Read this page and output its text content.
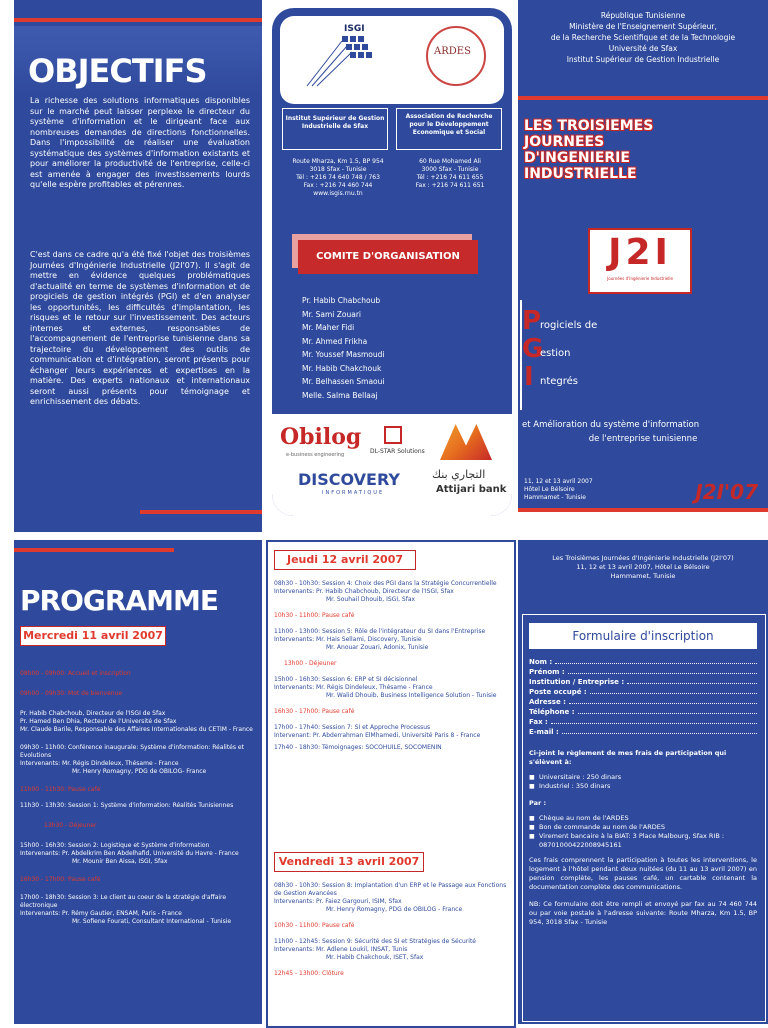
OBJECTIFS
La richesse des solutions informatiques disponibles sur le marché peut laisser perplexe le directeur du système d'information et le dirigeant face aux nombreuses demandes de directions fonctionnelles. Dans l'impossibilité de réaliser une évaluation systématique des systèmes d'information existants et pour améliorer la productivité de l'entreprise, celle-ci est amenée à engager des investissements lourds qu'elle espère profitables et pérennes.
C'est dans ce cadre qu'a été fixé l'objet des troisièmes Journées d'Ingénierie Industrielle (J2I'07). Il s'agit de mettre en évidence quelques problématiques d'actualité en terme de systèmes d'information et de progiciels de gestion intégrés (PGI) et d'en analyser les opportunités, les difficultés d'implantation, les risques et le retour sur l'investissement. Des acteurs internes et externes, responsables de l'accompagnement de l'entreprise tunisienne dans sa trajectoire du développement des outils de communication et d'intégration, seront présents pour échanger leurs expériences et expertises en la matière. Des experts nationaux et internationaux seront aussi présents pour témoignage et enrichissement des débats.
ISGI
ARDES
Institut Supérieur de Gestion Industrielle de Sfax
Association de Recherche pour le Développement Economique et Social
Route Mharza, Km 1.5, BP 954
3018 Sfax - Tunisie
Tél : +216 74 640 748 / 763
Fax : +216 74 460 744
www.isgis.rnu.tn
60 Rue Mohamed Ali
3000 Sfax - Tunisie
Tél : +216 74 611 655
Fax : +216 74 611 651
COMITE D'ORGANISATION
Pr. Habib Chabchoub
Mr. Sami Zouari
Mr. Maher Fidi
Mr. Ahmed Frikha
Mr. Youssef Masmoudi
Mr. Habib Chakchouk
Mr. Belhassen Smaoui
Melle. Salma Bellaaj
Obilog
e-business engineering	DL-STAR Solutions
DISCOVERY
INFORMATIQUE
التجاري بنك
Attijari bank
République Tunisienne
Ministère de l'Enseignement Supérieur,
de la Recherche Scientifique et de la Technologie
Université de Sfax
Institut Supérieur de Gestion Industrielle
LES TROISIEMES
JOURNEES
D'INGENIERIE
INDUSTRIELLE
J2I
Journées d'Ingénierie Industrielle
P
rogiciels de
G
estion
I ntegrés
et Amélioration du système d'information
de l'entreprise tunisienne
11, 12 et 13 avril 2007
Hôtel Le Bélsoire
Hammamet - Tunisie	J2I'07
PROGRAMME
Mercredi 11 avril 2007
08h00 - 09h00: Accueil et inscription
09h00 - 09h30: Mot de bienvenue
Pr. Habib Chabchoub, Directeur de l'ISGI de Sfax
Pr. Hamed Ben Dhia, Recteur de l'Université de Sfax
Mr. Claude Barile, Responsable des Affaires Internationales du CETIM - France
09h30 - 11h00: Conférence inaugurale: Système d'information: Réalités et Evolutions
Intervenants: Mr. Régis Dindeleux, Thésame - France
Mr. Henry Romagny, PDG de OBILOG- France
11h00 - 11h30: Pause café
11h30 - 13h30: Session 1: Système d'information: Réalités Tunisiennes
13h30 - Déjeuner
15h00 - 16h30: Session 2: Logistique et Système d'information
Intervenants: Pr. Abdelkrim Ben Abdelhafid, Université du Havre - France
Mr. Mounir Ben Aissa, ISGI, Sfax
16h30 - 17h00: Pause café
17h00 - 18h30: Session 3: Le client au coeur de la stratégie d'affaire électronique
Intervenants: Pr. Rémy Gautier, ENSAM, Paris - France
Mr. Sofiene Fourati, Consultant International - Tunisie
Jeudi 12 avril 2007
08h30 - 10h30: Session 4: Choix des PGI dans la Stratégie Concurrentielle
Intervenants: Pr. Habib Chabchoub, Directeur de l'ISGI, Sfax
Mr. Souhail Dhouib, ISGI, Sfax
10h30 - 11h00: Pause café
11h00 - 13h00: Session 5: Rôle de l'intégrateur du SI dans l'Entreprise
Intervenants: Mr. Hais Sellami, Discovery, Tunisie
Mr. Anouar Zouari, Adonix, Tunisie
13h00 - Déjeuner
15h00 - 16h30: Session 6: ERP et SI décisionnel
Intervenants: Mr. Régis Dindeleux, Thésame - France
Mr. Walid Dhouib, Business Intelligence Solution - Tunisie
16h30 - 17h00: Pause café
17h00 - 17h40: Session 7: SI et Approche Processus
Intervenant: Pr. Abderrahman ElMhamedi, Université Paris 8 - France
17h40 - 18h30: Témoignages: SOCOHUILE, SOCOMENIN
Vendredi 13 avril 2007
08h30 - 10h30: Session 8: Implantation d'un ERP et le Passage aux Fonctions de Gestion Avancées
Intervenants: Pr. Faiez Gargouri, ISIM, Sfax
Mr. Henry Romagny, PDG de OBILOG - France
10h30 - 11h00: Pause café
11h00 - 12h45: Session 9: Sécurité des SI et Stratégies de Sécurité
Intervenants: Mr. Adlene Loukil, INSAT, Tunis
Mr. Habib Chakchouk, ISET, Sfax
12h45 - 13h00: Clôture
Les Troisièmes Journées d'Ingénierie Industrielle (J2I'07)
11, 12 et 13 avril 2007, Hôtel Le Bélsoire
Hammamet, Tunisie
Formulaire d'inscription
Nom :
Prénom :
Institution / Entreprise :
Poste occupé :
Adresse :
Téléphone :
Fax :
E-mail :
Ci-joint le règlement de mes frais de participation qui s'élèvent à:
■ Universitaire : 250 dinars
■ Industriel : 350 dinars
Par :
■ Chèque au nom de l'ARDES
■ Bon de commande au nom de l'ARDES
■ Virement bancaire à la BIAT: 3 Place Malbourg, Sfax RIB : 08701000422008945161
Ces frais comprennent la participation à toutes les interventions, le logement à l'hôtel pendant deux nuitées (du 11 au 13 avril 2007) en pension complète, les pauses café, un cartable contenant la documentation complète des communications.
NB: Ce formulaire doit être rempli et envoyé par fax au 74 460 744 ou par voie postale à l'adresse suivante: Route Mharza, Km 1.5, BP 954, 3018 Sfax - Tunisie
